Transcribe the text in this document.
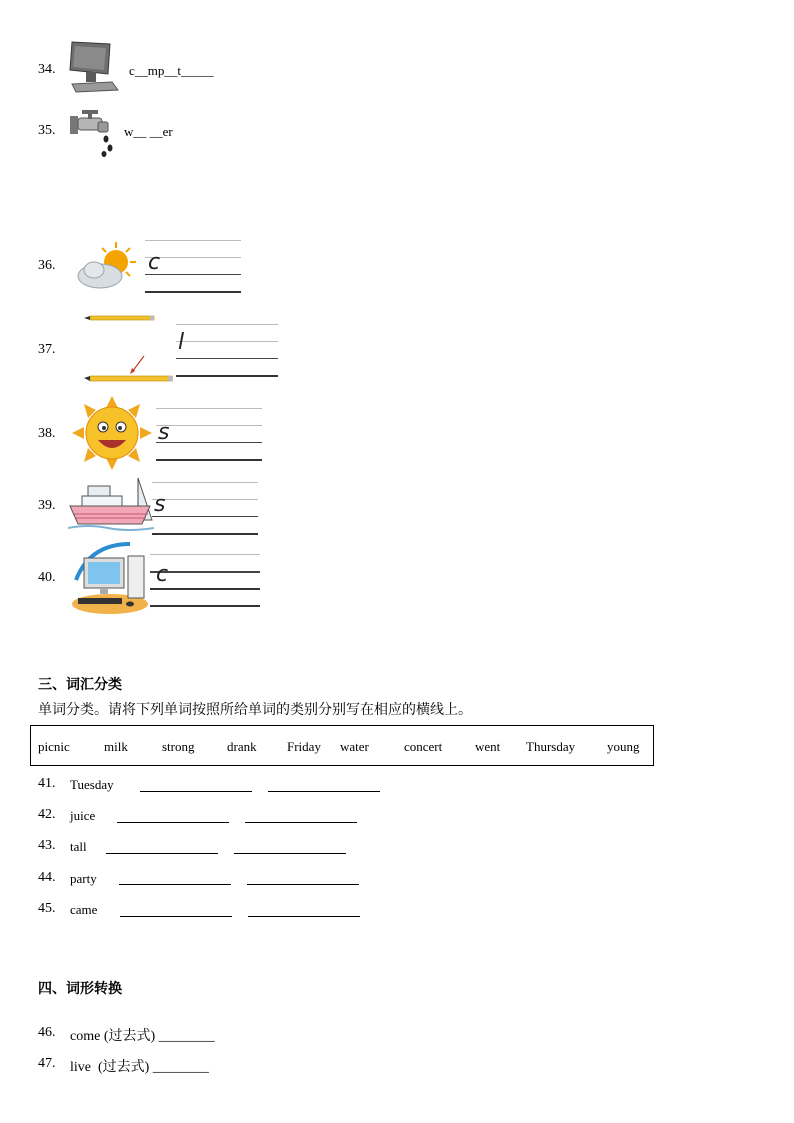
34.	c__mp__t_____
35.	w__ __er
36.	c
37.	l
38.	s
39.	s
40.	c
三、词汇分类
单词分类。请将下列单词按照所给单词的类别分别写在相应的横线上。
picnic	milk	strong	drank Friday water	concert	went Thursday young
41. Tuesday
42. juice
43. tall
44. party
45. came
四、词形转换
46. come (过去式) ________
47. live  (过去式) ________
